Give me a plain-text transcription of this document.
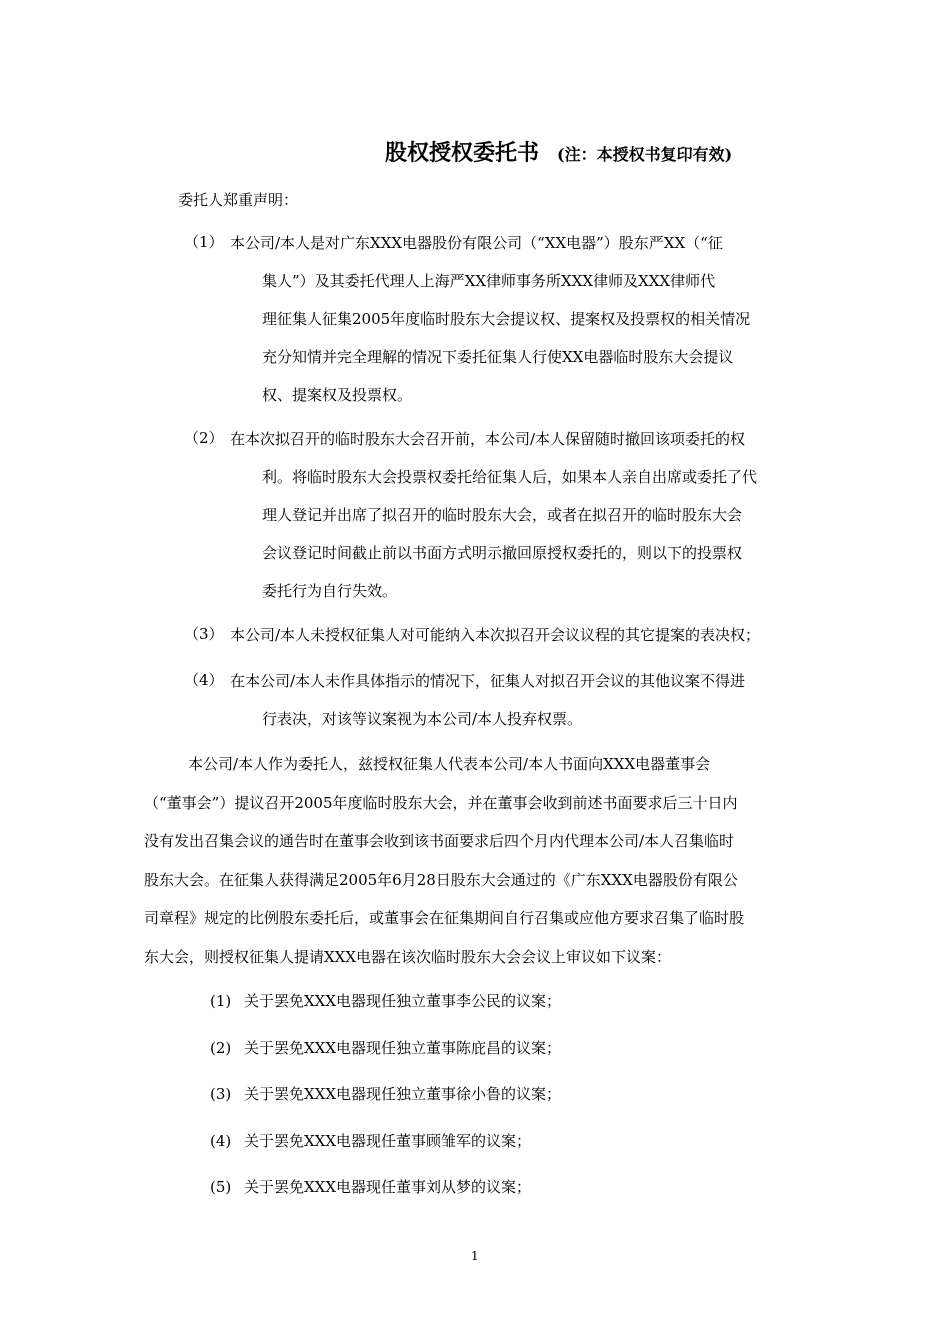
股权授权委托书 (注：本授权书复印有效)
委托人郑重声明：
（1） 本公司/本人是对广东XXX电器股份有限公司（“XX电器”）股东严XX（“征
集人”）及其委托代理人上海严XX律师事务所XXX律师及XXX律师代
理征集人征集2005年度临时股东大会提议权、提案权及投票权的相关情况
充分知情并完全理解的情况下委托征集人行使XX电器临时股东大会提议
权、提案权及投票权。
（2） 在本次拟召开的临时股东大会召开前，本公司/本人保留随时撤回该项委托的权
利。将临时股东大会投票权委托给征集人后，如果本人亲自出席或委托了代
理人登记并出席了拟召开的临时股东大会，或者在拟召开的临时股东大会
会议登记时间截止前以书面方式明示撤回原授权委托的，则以下的投票权
委托行为自行失效。
（3） 本公司/本人未授权征集人对可能纳入本次拟召开会议议程的其它提案的表决权；
（4） 在本公司/本人未作具体指示的情况下，征集人对拟召开会议的其他议案不得进
行表决，对该等议案视为本公司/本人投弃权票。
本公司/本人作为委托人，兹授权征集人代表本公司/本人书面向XXX电器董事会
（“董事会”）提议召开2005年度临时股东大会，并在董事会收到前述书面要求后三十日内
没有发出召集会议的通告时在董事会收到该书面要求后四个月内代理本公司/本人召集临时
股东大会。在征集人获得满足2005年6月28日股东大会通过的《广东XXX电器股份有限公
司章程》规定的比例股东委托后，或董事会在征集期间自行召集或应他方要求召集了临时股
东大会，则授权征集人提请XXX电器在该次临时股东大会会议上审议如下议案：
(1) 关于罢免XXX电器现任独立董事李公民的议案；
(2) 关于罢免XXX电器现任独立董事陈庇昌的议案；
(3) 关于罢免XXX电器现任独立董事徐小鲁的议案；
(4) 关于罢免XXX电器现任董事顾雏军的议案；
(5) 关于罢免XXX电器现任董事刘从梦的议案；
1
